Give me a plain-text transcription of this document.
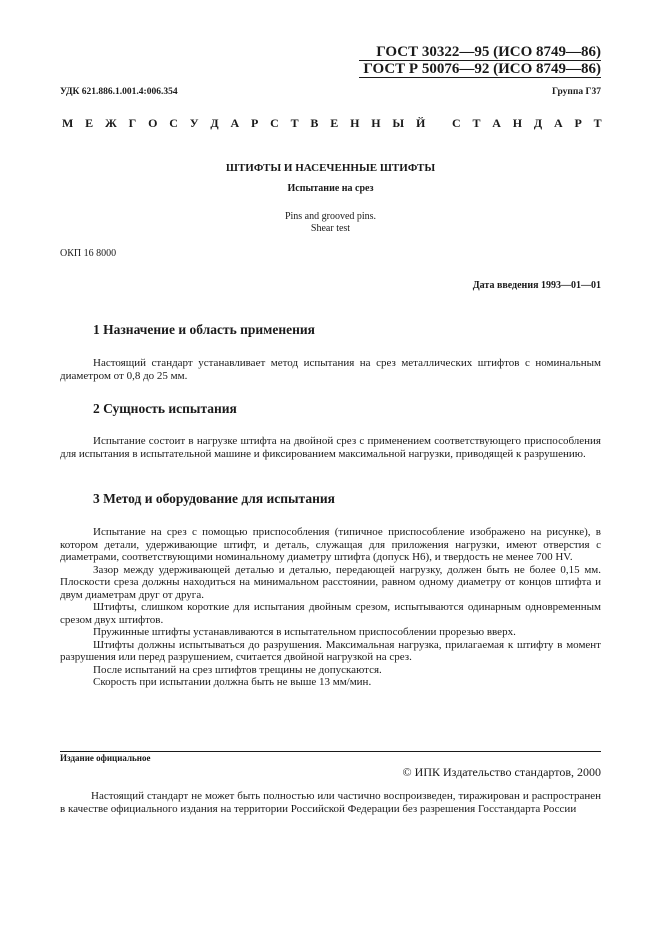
ГОСТ 30322—95 (ИСО 8749—86)
ГОСТ Р 50076—92 (ИСО 8749—86)
УДК 621.886.1.001.4:006.354	Группа Г37
М Е Ж Г О С У Д А Р С Т В Е Н Н Ы Й
С Т А Н Д А Р Т
ШТИФТЫ И НАСЕЧЕННЫЕ ШТИФТЫ
Испытание на срез
Pins and grooved pins.
Shear test
ОКП 16 8000
Дата введения 1993—01—01
1 Назначение и область применения

Настоящий стандарт устанавливает метод испытания на срез металлических штифтов с номинальным диаметром от 0,8 до 25 мм.

2 Сущность испытания

Испытание состоит в нагрузке штифта на двойной срез с применением соответствующего приспособления для испытания в испытательной машине и фиксированием максимальной нагрузки, приводящей к разрушению.

3 Метод и оборудование для испытания

Испытание на срез с помощью приспособления (типичное приспособление изображено на рисунке), в котором детали, удерживающие штифт, и деталь, служащая для приложения нагрузки, имеют отверстия с диаметрами, соответствующими номинальному диаметру штифта (допуск Н6), и твердость не менее 700 HV.

Зазор между удерживающей деталью и деталью, передающей нагрузку, должен быть не более 0,15 мм. Плоскости среза должны находиться на минимальном расстоянии, равном одному диаметру от концов штифта и двум диаметрам друг от друга.

Штифты, слишком короткие для испытания двойным срезом, испытываются одинарным одновременным срезом двух штифтов.

Пружинные штифты устанавливаются в испытательном приспособлении прорезью вверх.

Штифты должны испытываться до разрушения. Максимальная нагрузка, прилагаемая к штифту в момент разрушения или перед разрушением, считается двойной нагрузкой на срез.

После испытаний на срез штифтов трещины не допускаются.

Скорость при испытании должна быть не выше 13 мм/мин.

Издание официальное
© ИПК Издательство стандартов, 2000

Настоящий стандарт не может быть полностью или частично воспроизведен, тиражирован и распространен в качестве официального издания на территории Российской Федерации без разрешения Госстандарта России
